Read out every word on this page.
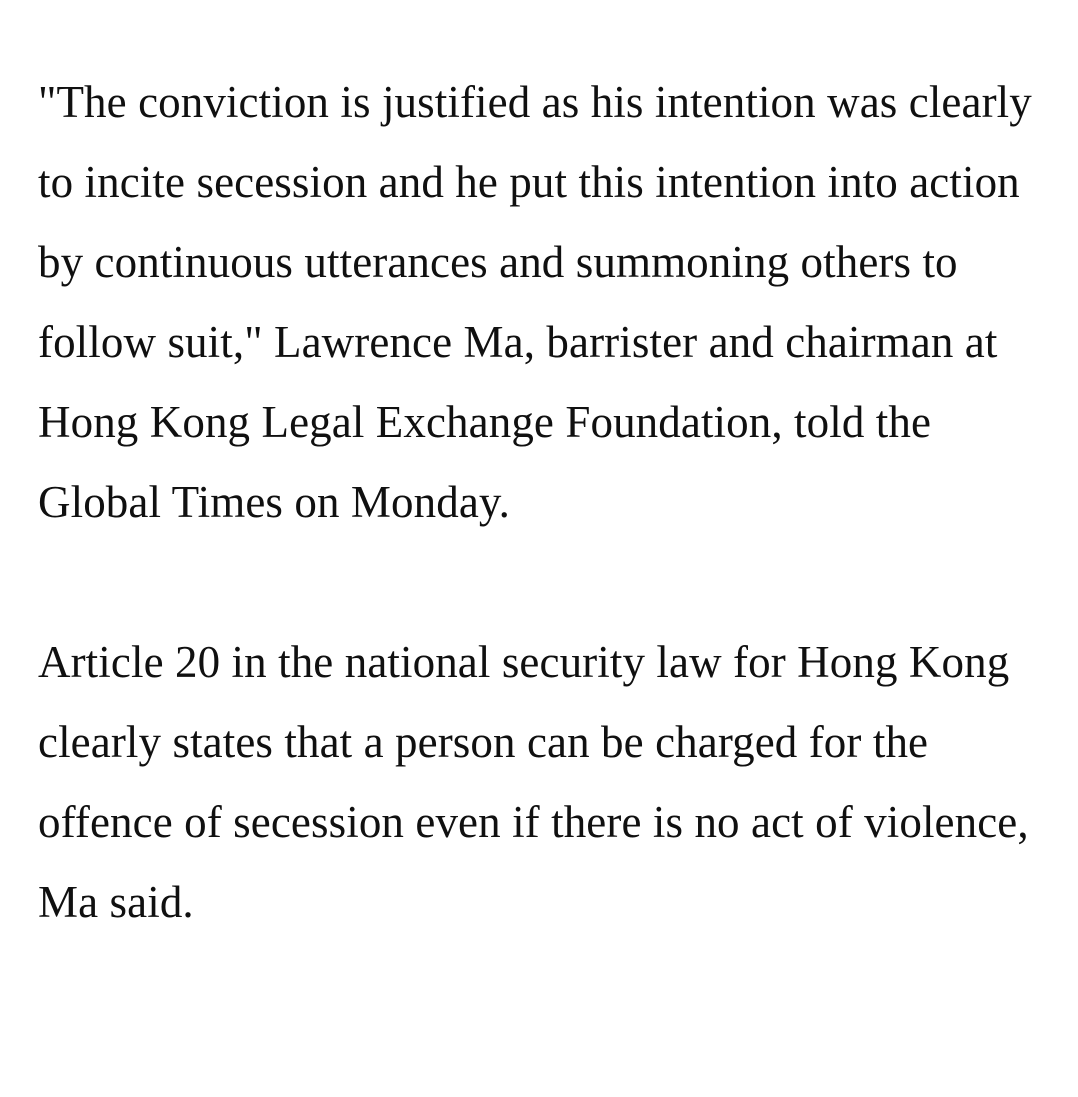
"The conviction is justified as his intention was clearly to incite secession and he put this intention into action by continuous utterances and summoning others to follow suit," Lawrence Ma, barrister and chairman at Hong Kong Legal Exchange Foundation, told the Global Times on Monday.

Article 20 in the national security law for Hong Kong clearly states that a person can be charged for the offence of secession even if there is no act of violence, Ma said.
